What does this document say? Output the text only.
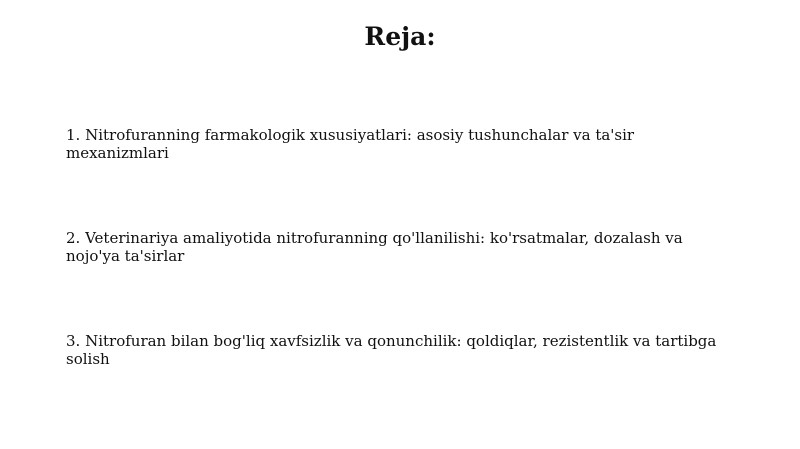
Reja:
1. Nitrofuranning farmakologik xususiyatlari: asosiy tushunchalar va ta'sir mexanizmlari
2. Veterinariya amaliyotida nitrofuranning qo'llanilishi: ko'rsatmalar, dozalash va nojo'ya ta'sirlar
3. Nitrofuran bilan bog'liq xavfsizlik va qonunchilik: qoldiqlar, rezistentlik va tartibga solish
